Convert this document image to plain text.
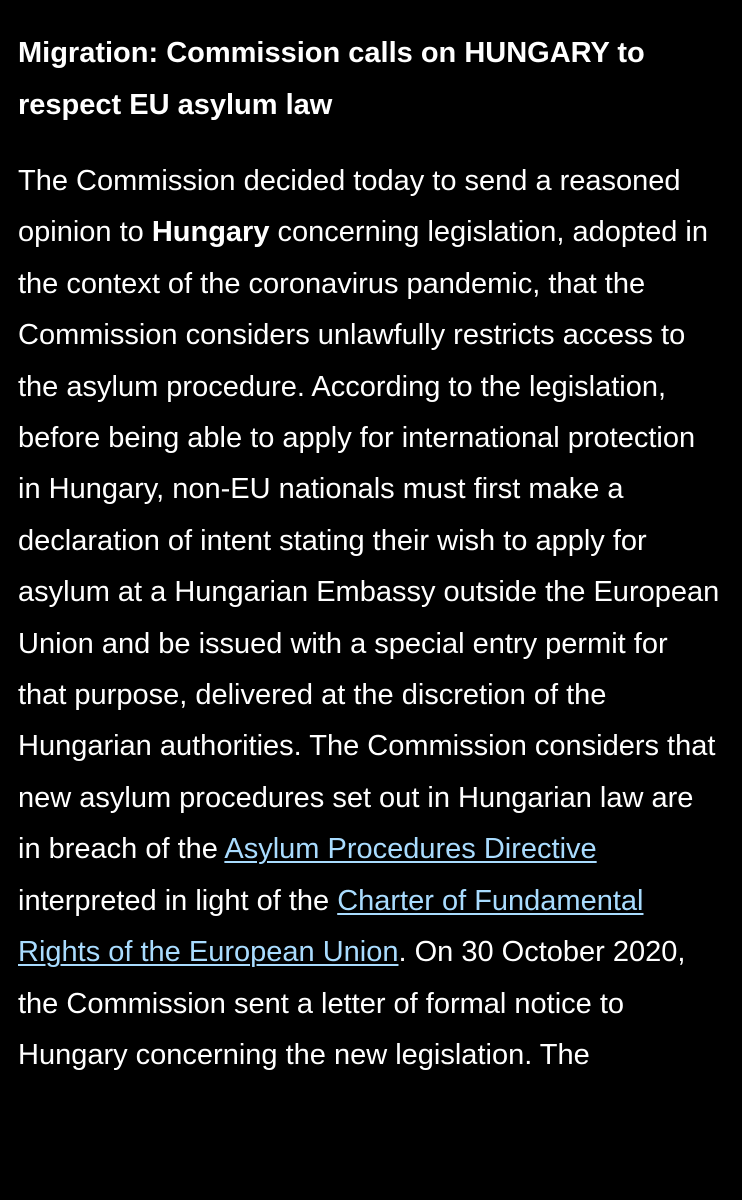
Migration: Commission calls on HUNGARY to respect EU asylum law

The Commission decided today to send a reasoned opinion to Hungary concerning legislation, adopted in the context of the coronavirus pandemic, that the Commission considers unlawfully restricts access to the asylum procedure. According to the legislation, before being able to apply for international protection in Hungary, non-EU nationals must first make a declaration of intent stating their wish to apply for asylum at a Hungarian Embassy outside the European Union and be issued with a special entry permit for that purpose, delivered at the discretion of the Hungarian authorities. The Commission considers that new asylum procedures set out in Hungarian law are in breach of the Asylum Procedures Directive interpreted in light of the Charter of Fundamental Rights of the European Union. On 30 October 2020, the Commission sent a letter of formal notice to Hungary concerning the new legislation. The
